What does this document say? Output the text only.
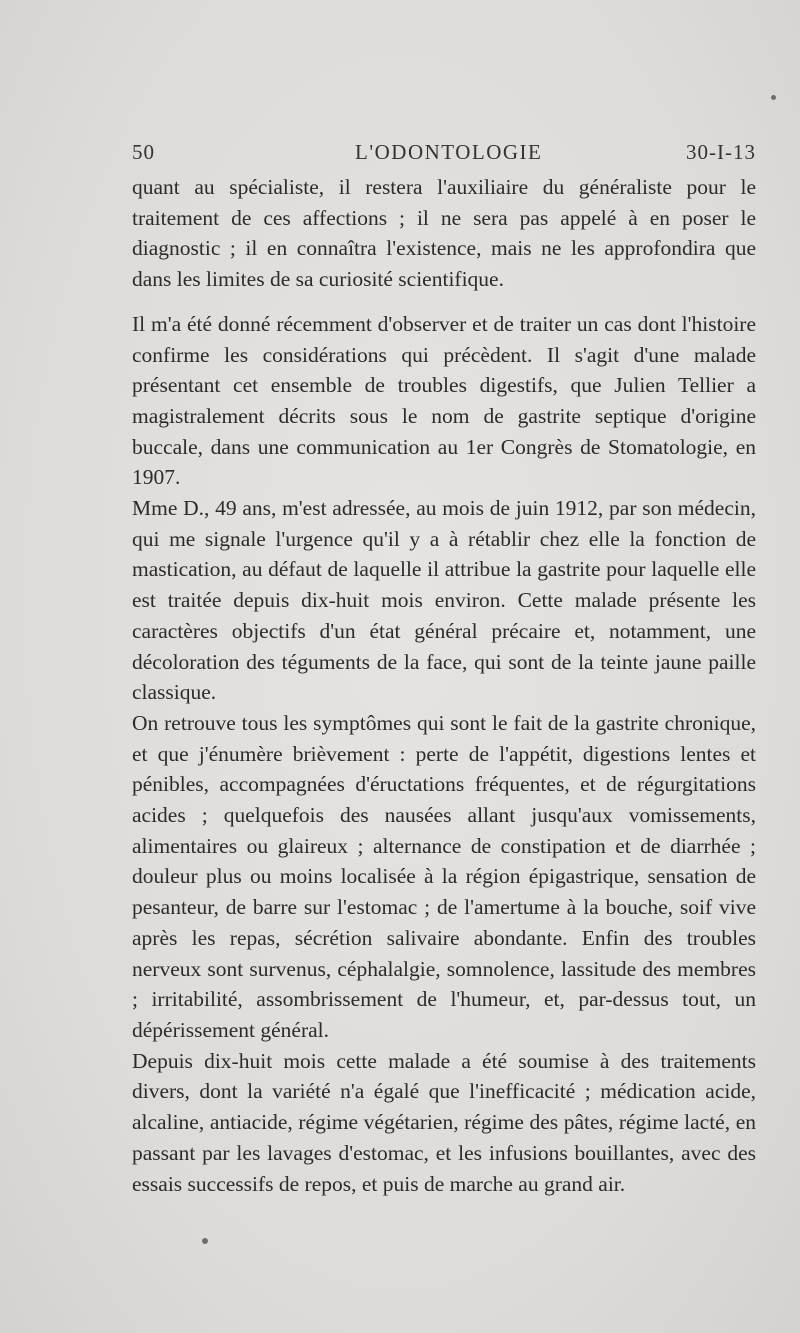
50	L'ODONTOLOGIE	30-I-13

quant au spécialiste, il restera l'auxiliaire du généraliste pour le traitement de ces affections ; il ne sera pas appelé à en poser le diagnostic ; il en connaîtra l'existence, mais ne les approfondira que dans les limites de sa curiosité scientifique.

Il m'a été donné récemment d'observer et de traiter un cas dont l'histoire confirme les considérations qui précèdent. Il s'agit d'une malade présentant cet ensemble de troubles digestifs, que Julien Tellier a magistralement décrits sous le nom de gastrite septique d'origine buccale, dans une communication au 1er Congrès de Stomatologie, en 1907.

Mme D., 49 ans, m'est adressée, au mois de juin 1912, par son médecin, qui me signale l'urgence qu'il y a à rétablir chez elle la fonction de mastication, au défaut de laquelle il attribue la gastrite pour laquelle elle est traitée depuis dix-huit mois environ. Cette malade présente les caractères objectifs d'un état général précaire et, notamment, une décoloration des téguments de la face, qui sont de la teinte jaune paille classique.

On retrouve tous les symptômes qui sont le fait de la gastrite chronique, et que j'énumère brièvement : perte de l'appétit, digestions lentes et pénibles, accompagnées d'éructations fréquentes, et de régurgitations acides ; quelquefois des nausées allant jusqu'aux vomissements, alimentaires ou glaireux ; alternance de constipation et de diarrhée ; douleur plus ou moins localisée à la région épigastrique, sensation de pesanteur, de barre sur l'estomac ; de l'amertume à la bouche, soif vive après les repas, sécrétion salivaire abondante. Enfin des troubles nerveux sont survenus, céphalalgie, somnolence, lassitude des membres ; irritabilité, assombrissement de l'humeur, et, par-dessus tout, un dépérissement général.

Depuis dix-huit mois cette malade a été soumise à des traitements divers, dont la variété n'a égalé que l'inefficacité ; médication acide, alcaline, antiacide, régime végétarien, régime des pâtes, régime lacté, en passant par les lavages d'estomac, et les infusions bouillantes, avec des essais successifs de repos, et puis de marche au grand air.
